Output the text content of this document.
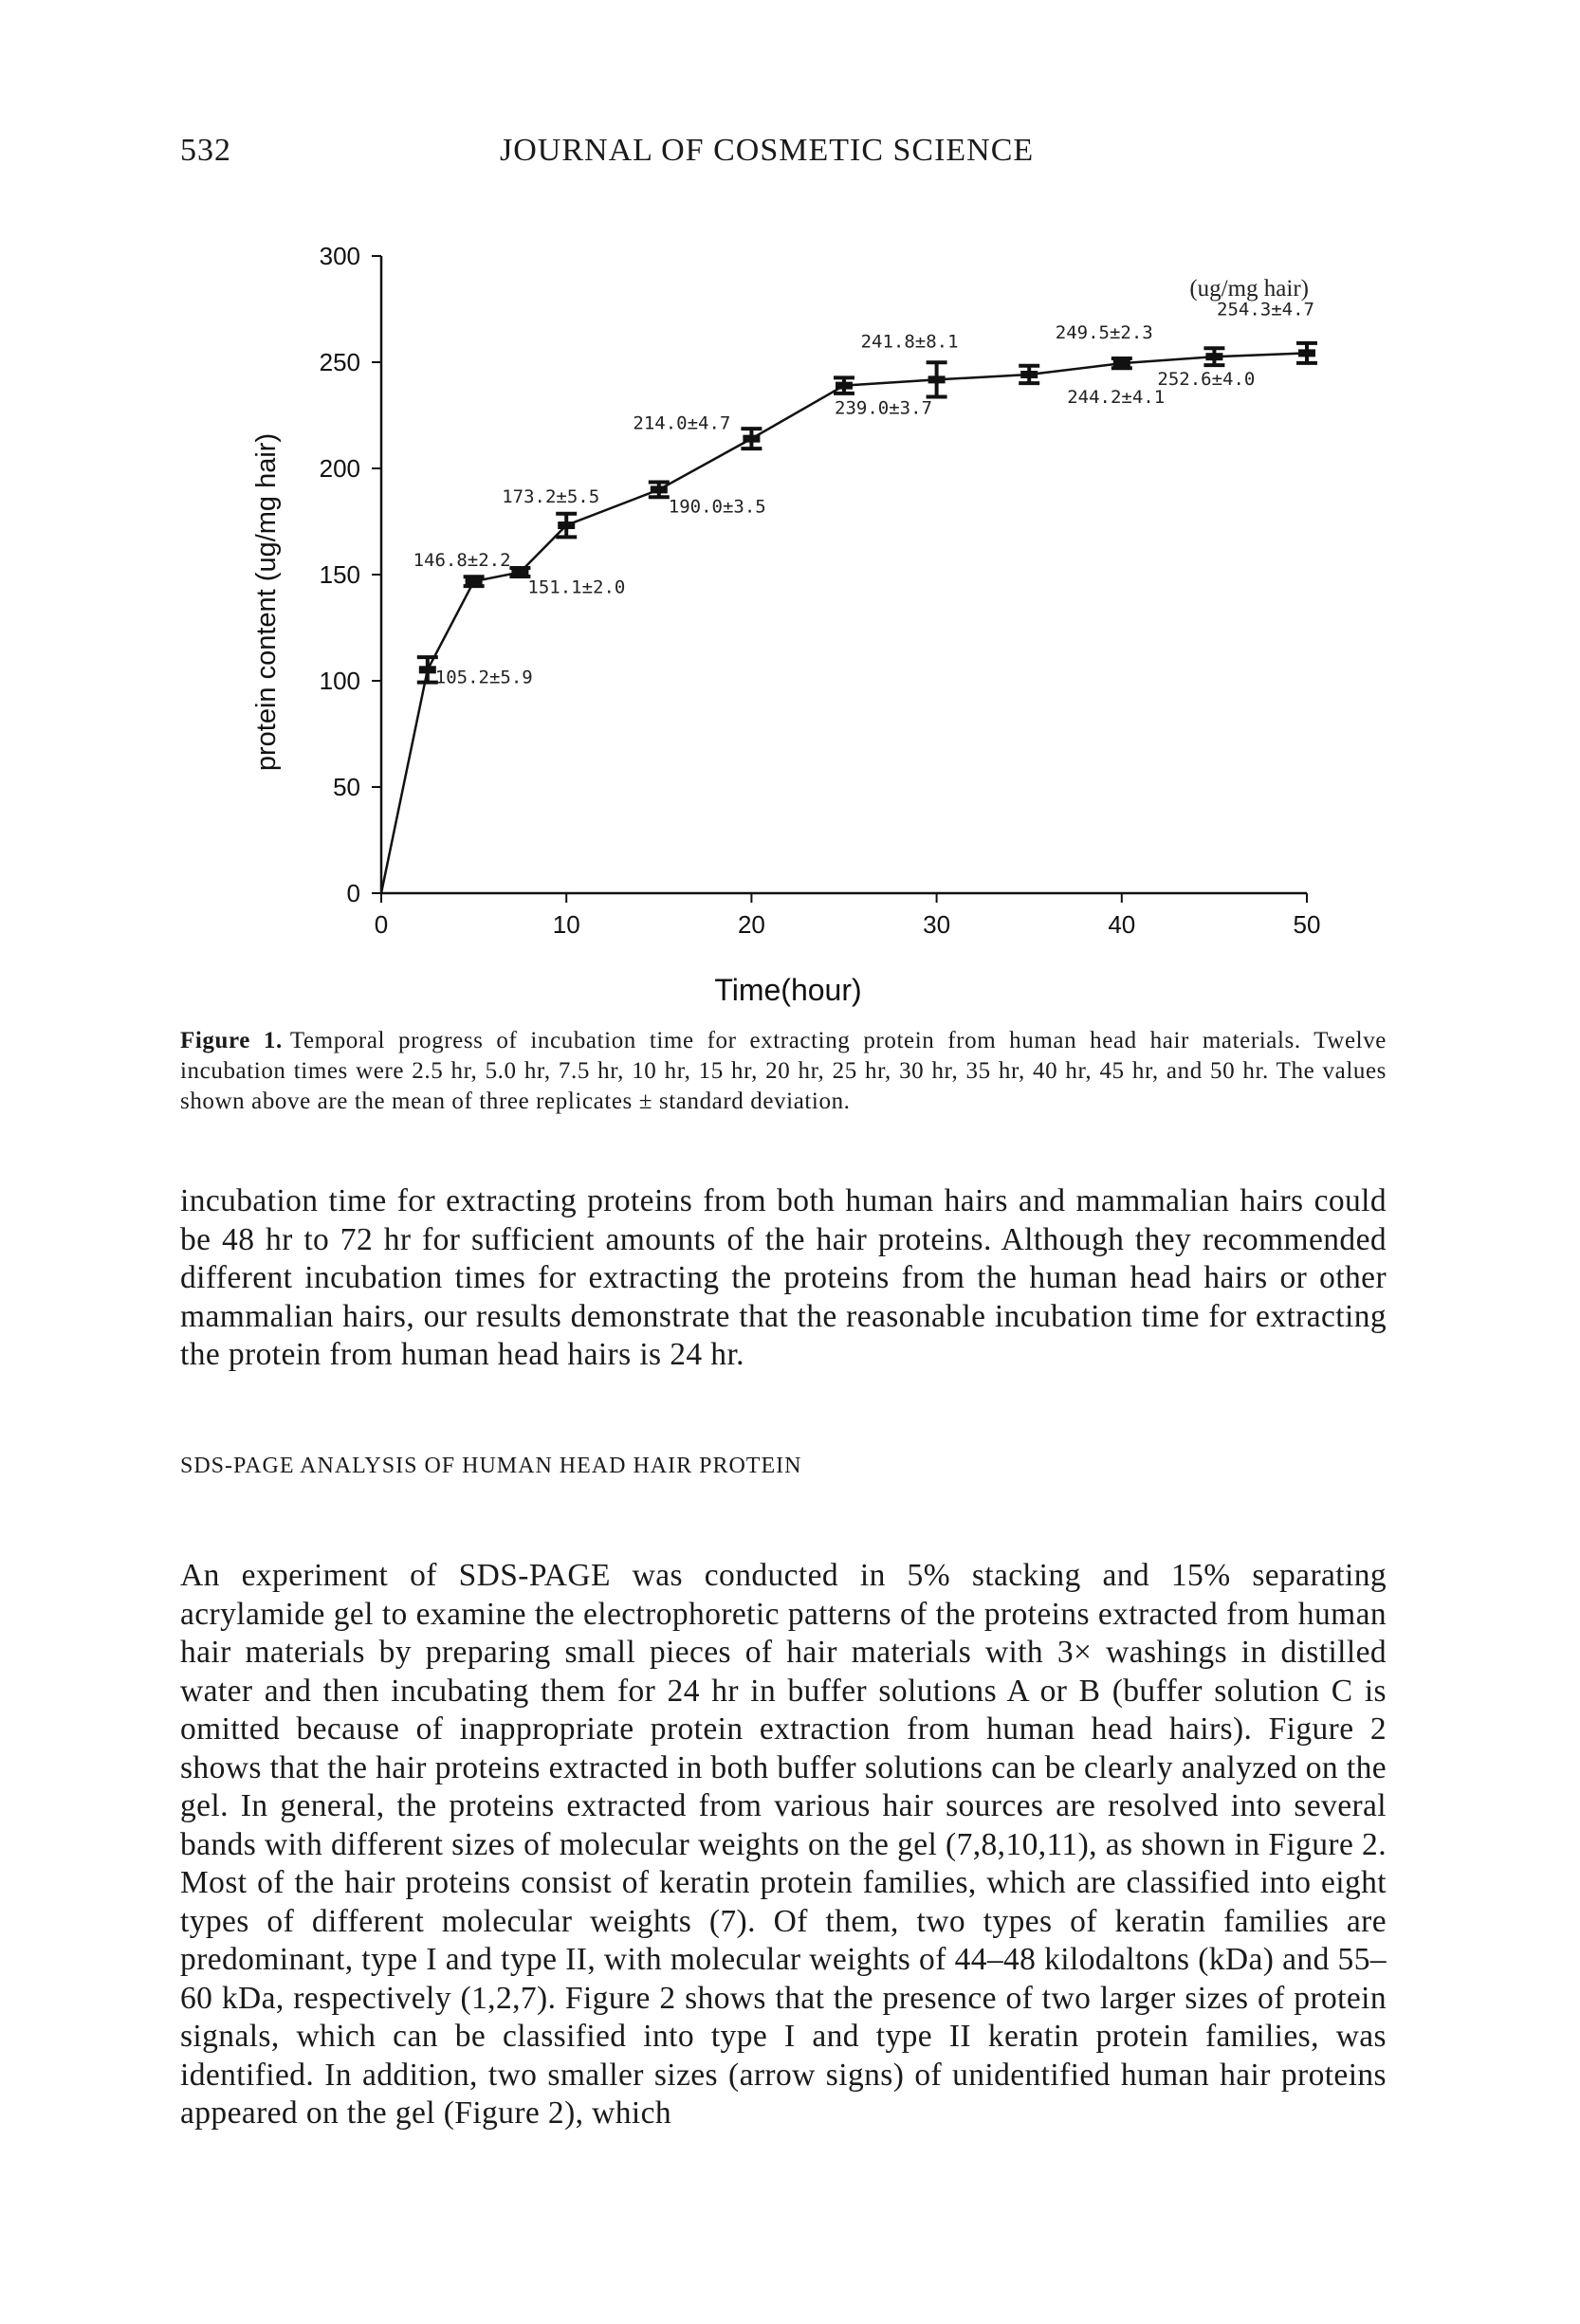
532	JOURNAL OF COSMETIC SCIENCE
0
50
100
150
200
250
300
0	10	20	30	40	50
105.2±5.9
146.8±2.2
151.1±2.0
173.2±5.5	190.0±3.5
214.0±4.7
239.0±3.7
241.8±8.1
244.2±4.1
249.5±2.3
252.6±4.0
254.3±4.7
(ug/mg hair)
Time(hour)
protein content (ug/mg hair)
Figure 1. Temporal progress of incubation time for extracting protein from human head hair materials. Twelve incubation times were 2.5 hr, 5.0 hr, 7.5 hr, 10 hr, 15 hr, 20 hr, 25 hr, 30 hr, 35 hr, 40 hr, 45 hr, and 50 hr. The values shown above are the mean of three replicates ± standard deviation.

incubation time for extracting proteins from both human hairs and mammalian hairs could be 48 hr to 72 hr for sufficient amounts of the hair proteins. Although they recommended different incubation times for extracting the proteins from the human head hairs or other mammalian hairs, our results demonstrate that the reasonable incubation time for extracting the protein from human head hairs is 24 hr.

SDS-PAGE ANALYSIS OF HUMAN HEAD HAIR PROTEIN

An experiment of SDS-PAGE was conducted in 5% stacking and 15% separating acrylamide gel to examine the electrophoretic patterns of the proteins extracted from human hair materials by preparing small pieces of hair materials with 3× washings in distilled water and then incubating them for 24 hr in buffer solutions A or B (buffer solution C is omitted because of inappropriate protein extraction from human head hairs). Figure 2 shows that the hair proteins extracted in both buffer solutions can be clearly analyzed on the gel. In general, the proteins extracted from various hair sources are resolved into several bands with different sizes of molecular weights on the gel (7,8,10,11), as shown in Figure 2. Most of the hair proteins consist of keratin protein families, which are classified into eight types of different molecular weights (7). Of them, two types of keratin families are predominant, type I and type II, with molecular weights of 44–48 kilodaltons (kDa) and 55–60 kDa, respectively (1,2,7). Figure 2 shows that the presence of two larger sizes of protein signals, which can be classified into type I and type II keratin protein families, was identified. In addition, two smaller sizes (arrow signs) of unidentified human hair proteins appeared on the gel (Figure 2), which
